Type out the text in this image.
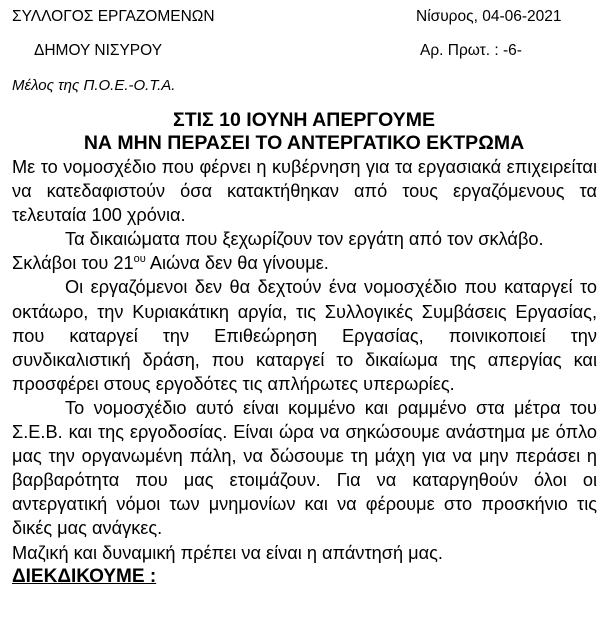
ΣΥΛΛΟΓΟΣ ΕΡΓΑΖΟΜΕΝΩΝ
ΔΗΜΟΥ ΝΙΣΥΡΟΥ
Μέλος της Π.Ο.Ε.-Ο.Τ.Α.
Νίσυρος, 04-06-2021
Αρ. Πρωτ. : -6-
ΣΤΙΣ 10 ΙΟΥΝΗ ΑΠΕΡΓΟΥΜΕ
ΝΑ ΜΗΝ ΠΕΡΑΣΕΙ ΤΟ ΑΝΤΕΡΓΑΤΙΚΟ ΕΚΤΡΩΜΑ

Με το νομοσχέδιο που φέρνει η κυβέρνηση για τα εργασιακά επιχειρείται να κατεδαφιστούν όσα κατακτήθηκαν από τους εργαζόμενους τα τελευταία 100 χρόνια.

Τα δικαιώματα που ξεχωρίζουν τον εργάτη από τον σκλάβο.

Σκλάβοι του $21^{o\upsilon}$ Αιώνα δεν θα γίνουμε.

Οι εργαζόμενοι δεν θα δεχτούν ένα νομοσχέδιο που καταργεί το οκτάωρο, την Κυριακάτικη αργία, τις Συλλογικές Συμβάσεις Εργασίας, που καταργεί την Επιθεώρηση Εργασίας, ποινικοποιεί την συνδικαλιστική δράση, που καταργεί το δικαίωμα της απεργίας και προσφέρει στους εργοδότες τις απλήρωτες υπερωρίες.

Το νομοσχέδιο αυτό είναι κομμένο και ραμμένο στα μέτρα του Σ.Ε.Β. και της εργοδοσίας. Είναι ώρα να σηκώσουμε ανάστημα με όπλο μας την οργανωμένη πάλη, να δώσουμε τη μάχη για να μην περάσει η βαρβαρότητα που μας ετοιμάζουν. Για να καταργηθούν όλοι οι αντεργατική νόμοι των μνημονίων και να φέρουμε στο προσκήνιο τις δικές μας ανάγκες.

Μαζική και δυναμική πρέπει να είναι η απάντησή μας.

ΔΙΕΚΔΙΚΟΥΜΕ :
